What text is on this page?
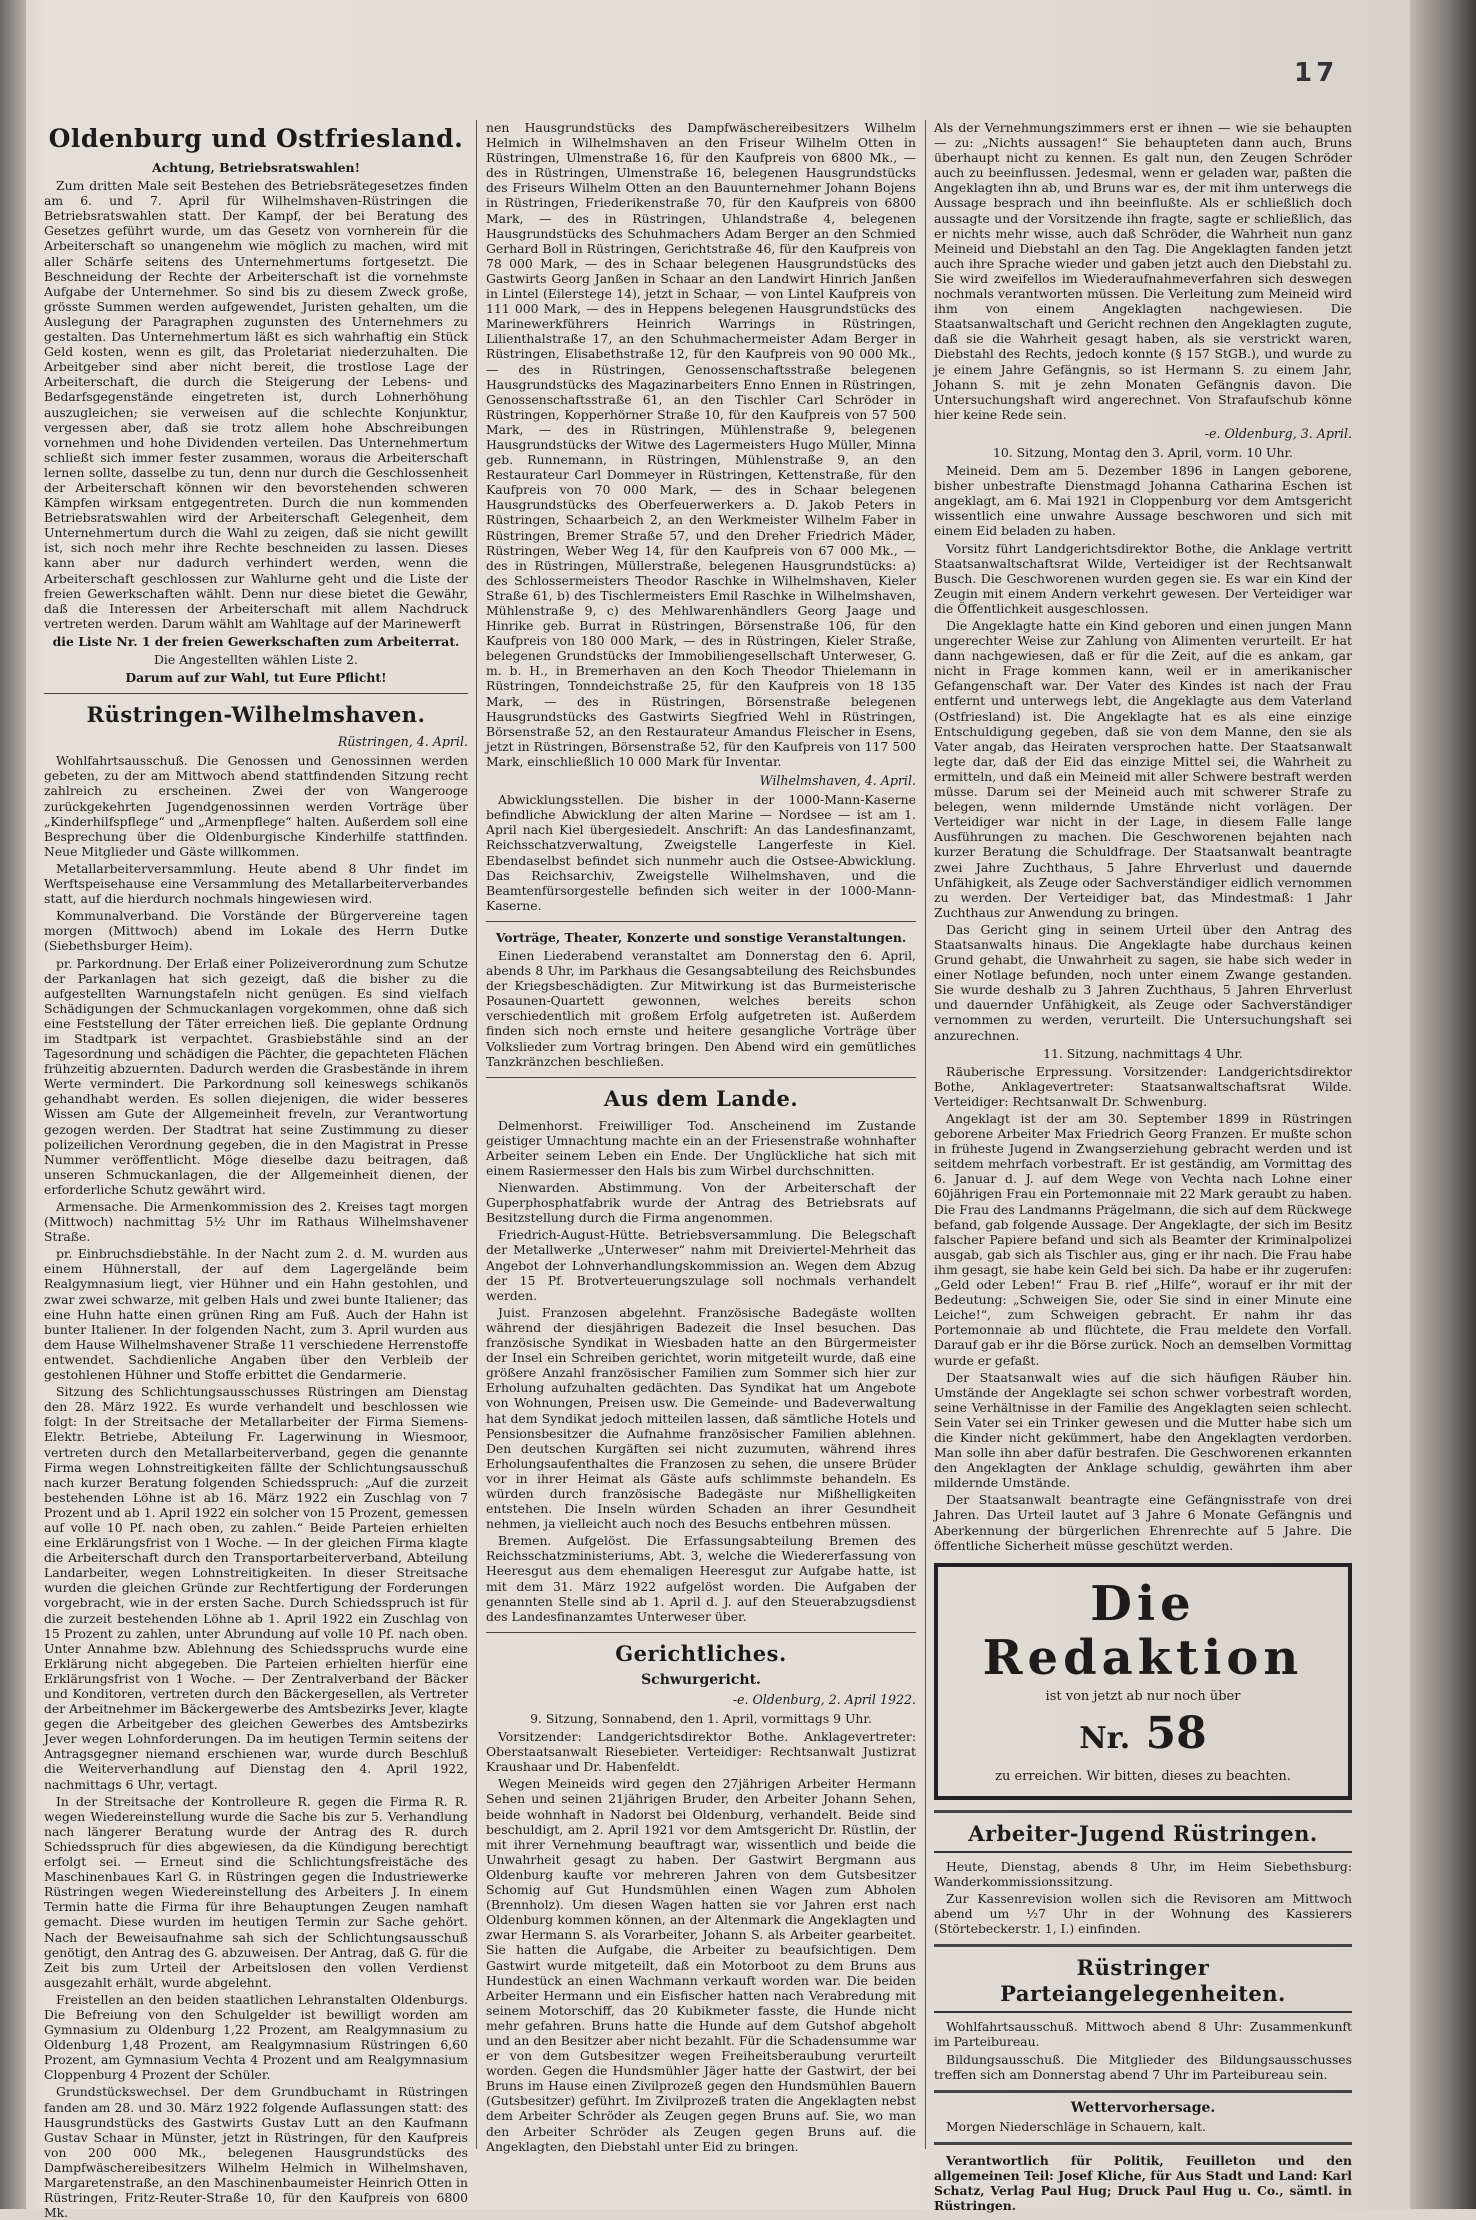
17
Oldenburg und Ostfriesland.

Achtung, Betriebsratswahlen!

Zum dritten Male seit Bestehen des Betriebsrätegesetzes finden am 6. und 7. April für Wilhelmshaven-Rüstringen die Betriebsratswahlen statt. Der Kampf, der bei Beratung des Gesetzes geführt wurde, um das Gesetz von vornherein für die Arbeiterschaft so unangenehm wie möglich zu machen, wird mit aller Schärfe seitens des Unternehmertums fortgesetzt. Die Beschneidung der Rechte der Arbeiterschaft ist die vornehmste Aufgabe der Unternehmer. So sind bis zu diesem Zweck große, grösste Summen werden aufgewendet, Juristen gehalten, um die Auslegung der Paragraphen zugunsten des Unternehmers zu gestalten. Das Unternehmertum läßt es sich wahrhaftig ein Stück Geld kosten, wenn es gilt, das Proletariat niederzuhalten. Die Arbeitgeber sind aber nicht bereit, die trostlose Lage der Arbeiterschaft, die durch die Steigerung der Lebens- und Bedarfsgegenstände eingetreten ist, durch Lohnerhöhung auszugleichen; sie verweisen auf die schlechte Konjunktur, vergessen aber, daß sie trotz allem hohe Abschreibungen vornehmen und hohe Dividenden verteilen. Das Unternehmertum schließt sich immer fester zusammen, woraus die Arbeiterschaft lernen sollte, dasselbe zu tun, denn nur durch die Geschlossenheit der Arbeiterschaft können wir den bevorstehenden schweren Kämpfen wirksam entgegentreten. Durch die nun kommenden Betriebsratswahlen wird der Arbeiterschaft Gelegenheit, dem Unternehmertum durch die Wahl zu zeigen, daß sie nicht gewillt ist, sich noch mehr ihre Rechte beschneiden zu lassen. Dieses kann aber nur dadurch verhindert werden, wenn die Arbeiterschaft geschlossen zur Wahlurne geht und die Liste der freien Gewerkschaften wählt. Denn nur diese bietet die Gewähr, daß die Interessen der Arbeiterschaft mit allem Nachdruck vertreten werden. Darum wählt am Wahltage auf der Marinewerft

die Liste Nr. 1 der freien Gewerkschaften zum Arbeiterrat.

Die Angestellten wählen Liste 2.

Darum auf zur Wahl, tut Eure Pflicht!

Rüstringen-Wilhelmshaven.

Rüstringen, 4. April.

Wohlfahrtsausschuß. Die Genossen und Genossinnen werden gebeten, zu der am Mittwoch abend stattfindenden Sitzung recht zahlreich zu erscheinen. Zwei der von Wangerooge zurückgekehrten Jugendgenossinnen werden Vorträge über „Kinderhilfspflege“ und „Armenpflege“ halten. Außerdem soll eine Besprechung über die Oldenburgische Kinderhilfe stattfinden. Neue Mitglieder und Gäste willkommen.

Metallarbeiterversammlung. Heute abend 8 Uhr findet im Werftspeisehause eine Versammlung des Metallarbeiterverbandes statt, auf die hierdurch nochmals hingewiesen wird.

Kommunalverband. Die Vorstände der Bürgervereine tagen morgen (Mittwoch) abend im Lokale des Herrn Dutke (Siebethsburger Heim).

pr. Parkordnung. Der Erlaß einer Polizeiverordnung zum Schutze der Parkanlagen hat sich gezeigt, daß die bisher zu die aufgestellten Warnungstafeln nicht genügen. Es sind vielfach Schädigungen der Schmuckanlagen vorgekommen, ohne daß sich eine Feststellung der Täter erreichen ließ. Die geplante Ordnung im Stadtpark ist verpachtet. Grasbiebstähle sind an der Tagesordnung und schädigen die Pächter, die gepachteten Flächen frühzeitig abzuernten. Dadurch werden die Grasbestände in ihrem Werte vermindert. Die Parkordnung soll keineswegs schikanös gehandhabt werden. Es sollen diejenigen, die wider besseres Wissen am Gute der Allgemeinheit freveln, zur Verantwortung gezogen werden. Der Stadtrat hat seine Zustimmung zu dieser polizeilichen Verordnung gegeben, die in den Magistrat in Presse Nummer veröffentlicht. Möge dieselbe dazu beitragen, daß unseren Schmuckanlagen, die der Allgemeinheit dienen, der erforderliche Schutz gewährt wird.

Armensache. Die Armenkommission des 2. Kreises tagt morgen (Mittwoch) nachmittag 5½ Uhr im Rathaus Wilhelmshavener Straße.

pr. Einbruchsdiebstähle. In der Nacht zum 2. d. M. wurden aus einem Hühnerstall, der auf dem Lagergelände beim Realgymnasium liegt, vier Hühner und ein Hahn gestohlen, und zwar zwei schwarze, mit gelben Hals und zwei bunte Italiener; das eine Huhn hatte einen grünen Ring am Fuß. Auch der Hahn ist bunter Italiener. In der folgenden Nacht, zum 3. April wurden aus dem Hause Wilhelmshavener Straße 11 verschiedene Herrenstoffe entwendet. Sachdienliche Angaben über den Verbleib der gestohlenen Hühner und Stoffe erbittet die Gendarmerie.

Sitzung des Schlichtungsausschusses Rüstringen am Dienstag den 28. März 1922. Es wurde verhandelt und beschlossen wie folgt: In der Streitsache der Metallarbeiter der Firma Siemens-Elektr. Betriebe, Abteilung Fr. Lagerwinung in Wiesmoor, vertreten durch den Metallarbeiterverband, gegen die genannte Firma wegen Lohnstreitigkeiten fällte der Schlichtungsausschuß nach kurzer Beratung folgenden Schiedsspruch: „Auf die zurzeit bestehenden Löhne ist ab 16. März 1922 ein Zuschlag von 7 Prozent und ab 1. April 1922 ein solcher von 15 Prozent, gemessen auf volle 10 Pf. nach oben, zu zahlen.“ Beide Parteien erhielten eine Erklärungsfrist von 1 Woche. — In der gleichen Firma klagte die Arbeiterschaft durch den Transportarbeiterverband, Abteilung Landarbeiter, wegen Lohnstreitigkeiten. In dieser Streitsache wurden die gleichen Gründe zur Rechtfertigung der Forderungen vorgebracht, wie in der ersten Sache. Durch Schiedsspruch ist für die zurzeit bestehenden Löhne ab 1. April 1922 ein Zuschlag von 15 Prozent zu zahlen, unter Abrundung auf volle 10 Pf. nach oben. Unter Annahme bzw. Ablehnung des Schiedsspruchs wurde eine Erklärung nicht abgegeben. Die Parteien erhielten hierfür eine Erklärungsfrist von 1 Woche. — Der Zentralverband der Bäcker und Konditoren, vertreten durch den Bäckergesellen, als Vertreter der Arbeitnehmer im Bäckergewerbe des Amtsbezirks Jever, klagte gegen die Arbeitgeber des gleichen Gewerbes des Amtsbezirks Jever wegen Lohnforderungen. Da im heutigen Termin seitens der Antragsgegner niemand erschienen war, wurde durch Beschluß die Weiterverhandlung auf Dienstag den 4. April 1922, nachmittags 6 Uhr, vertagt.

In der Streitsache der Kontrolleure R. gegen die Firma R. R. wegen Wiedereinstellung wurde die Sache bis zur 5. Verhandlung nach längerer Beratung wurde der Antrag des R. durch Schiedsspruch für dies abgewiesen, da die Kündigung berechtigt erfolgt sei. — Erneut sind die Schlichtungsfreistäche des Maschinenbaues Karl G. in Rüstringen gegen die Industriewerke Rüstringen wegen Wiedereinstellung des Arbeiters J. In einem Termin hatte die Firma für ihre Behauptungen Zeugen namhaft gemacht. Diese wurden im heutigen Termin zur Sache gehört. Nach der Beweisaufnahme sah sich der Schlichtungsausschuß genötigt, den Antrag des G. abzuweisen. Der Antrag, daß G. für die Zeit bis zum Urteil der Arbeitslosen den vollen Verdienst ausgezahlt erhält, wurde abgelehnt.

Freistellen an den beiden staatlichen Lehranstalten Oldenburgs. Die Befreiung von den Schulgelder ist bewilligt worden am Gymnasium zu Oldenburg 1,22 Prozent, am Realgymnasium zu Oldenburg 1,48 Prozent, am Realgymnasium Rüstringen 6,60 Prozent, am Gymnasium Vechta 4 Prozent und am Realgymnasium Cloppenburg 4 Prozent der Schüler.

Grundstückswechsel. Der dem Grundbuchamt in Rüstringen fanden am 28. und 30. März 1922 folgende Auflassungen statt: des Hausgrundstücks des Gastwirts Gustav Lutt an den Kaufmann Gustav Schaar in Münster, jetzt in Rüstringen, für den Kaufpreis von 200 000 Mk., belegenen Hausgrundstücks des Dampfwäschereibesitzers Wilhelm Helmich in Wilhelmshaven, Margaretenstraße, an den Maschinenbaumeister Heinrich Otten in Rüstringen, Fritz-Reuter-Straße 10, für den Kaufpreis von 6800 Mk.

nen Hausgrundstücks des Dampfwäschereibesitzers Wilhelm Helmich in Wilhelmshaven an den Friseur Wilhelm Otten in Rüstringen, Ulmenstraße 16, für den Kaufpreis von 6800 Mk., — des in Rüstringen, Ulmenstraße 16, belegenen Hausgrundstücks des Friseurs Wilhelm Otten an den Bauunternehmer Johann Bojens in Rüstringen, Friederikenstraße 70, für den Kaufpreis von 6800 Mark, — des in Rüstringen, Uhlandstraße 4, belegenen Hausgrundstücks des Schuhmachers Adam Berger an den Schmied Gerhard Boll in Rüstringen, Gerichtstraße 46, für den Kaufpreis von 78 000 Mark, — des in Schaar belegenen Hausgrundstücks des Gastwirts Georg Janßen in Schaar an den Landwirt Hinrich Janßen in Lintel (Eilerstege 14), jetzt in Schaar, — von Lintel Kaufpreis von 111 000 Mark, — des in Heppens belegenen Hausgrundstücks des Marinewerkführers Heinrich Warrings in Rüstringen, Lilienthalstraße 17, an den Schuhmachermeister Adam Berger in Rüstringen, Elisabethstraße 12, für den Kaufpreis von 90 000 Mk., — des in Rüstringen, Genossenschaftsstraße belegenen Hausgrundstücks des Magazinarbeiters Enno Ennen in Rüstringen, Genossenschaftsstraße 61, an den Tischler Carl Schröder in Rüstringen, Kopperhörner Straße 10, für den Kaufpreis von 57 500 Mark, — des in Rüstringen, Mühlenstraße 9, belegenen Hausgrundstücks der Witwe des Lagermeisters Hugo Müller, Minna geb. Runnemann, in Rüstringen, Mühlenstraße 9, an den Restaurateur Carl Dommeyer in Rüstringen, Kettenstraße, für den Kaufpreis von 70 000 Mark, — des in Schaar belegenen Hausgrundstücks des Oberfeuerwerkers a. D. Jakob Peters in Rüstringen, Schaarbeich 2, an den Werkmeister Wilhelm Faber in Rüstringen, Bremer Straße 57, und den Dreher Friedrich Mäder, Rüstringen, Weber Weg 14, für den Kaufpreis von 67 000 Mk., — des in Rüstringen, Müllerstraße, belegenen Hausgrundstücks: a) des Schlossermeisters Theodor Raschke in Wilhelmshaven, Kieler Straße 61, b) des Tischlermeisters Emil Raschke in Wilhelmshaven, Mühlenstraße 9, c) des Mehlwarenhändlers Georg Jaage und Hinrike geb. Burrat in Rüstringen, Börsenstraße 106, für den Kaufpreis von 180 000 Mark, — des in Rüstringen, Kieler Straße, belegenen Grundstücks der Immobiliengesellschaft Unterweser, G. m. b. H., in Bremerhaven an den Koch Theodor Thielemann in Rüstringen, Tonndeichstraße 25, für den Kaufpreis von 18 135 Mark, — des in Rüstringen, Börsenstraße belegenen Hausgrundstücks des Gastwirts Siegfried Wehl in Rüstringen, Börsenstraße 52, an den Restaurateur Amandus Fleischer in Esens, jetzt in Rüstringen, Börsenstraße 52, für den Kaufpreis von 117 500 Mark, einschließlich 10 000 Mark für Inventar.

Wilhelmshaven, 4. April.

Abwicklungsstellen. Die bisher in der 1000-Mann-Kaserne befindliche Abwicklung der alten Marine — Nordsee — ist am 1. April nach Kiel übergesiedelt. Anschrift: An das Landesfinanzamt, Reichsschatzverwaltung, Zweigstelle Langerfeste in Kiel. Ebendaselbst befindet sich nunmehr auch die Ostsee-Abwicklung. Das Reichsarchiv, Zweigstelle Wilhelmshaven, und die Beamtenfürsorgestelle befinden sich weiter in der 1000-Mann-Kaserne.

Vorträge, Theater, Konzerte und sonstige Veranstaltungen.

Einen Liederabend veranstaltet am Donnerstag den 6. April, abends 8 Uhr, im Parkhaus die Gesangsabteilung des Reichsbundes der Kriegsbeschädigten. Zur Mitwirkung ist das Burmeisterische Posaunen-Quartett gewonnen, welches bereits schon verschiedentlich mit großem Erfolg aufgetreten ist. Außerdem finden sich noch ernste und heitere gesangliche Vorträge über Volkslieder zum Vortrag bringen. Den Abend wird ein gemütliches Tanzkränzchen beschließen.

Aus dem Lande.

Delmenhorst. Freiwilliger Tod. Anscheinend im Zustande geistiger Umnachtung machte ein an der Friesenstraße wohnhafter Arbeiter seinem Leben ein Ende. Der Unglückliche hat sich mit einem Rasiermesser den Hals bis zum Wirbel durchschnitten.

Nienwarden. Abstimmung. Von der Arbeiterschaft der Guperphosphatfabrik wurde der Antrag des Betriebsrats auf Besitzstellung durch die Firma angenommen.

Friedrich-August-Hütte. Betriebsversammlung. Die Belegschaft der Metallwerke „Unterweser“ nahm mit Dreiviertel-Mehrheit das Angebot der Lohnverhandlungskommission an. Wegen dem Abzug der 15 Pf. Brotverteuerungszulage soll nochmals verhandelt werden.

Juist. Franzosen abgelehnt. Französische Badegäste wollten während der diesjährigen Badezeit die Insel besuchen. Das französische Syndikat in Wiesbaden hatte an den Bürgermeister der Insel ein Schreiben gerichtet, worin mitgeteilt wurde, daß eine größere Anzahl französischer Familien zum Sommer sich hier zur Erholung aufzuhalten gedächten. Das Syndikat hat um Angebote von Wohnungen, Preisen usw. Die Gemeinde- und Badeverwaltung hat dem Syndikat jedoch mitteilen lassen, daß sämtliche Hotels und Pensionsbesitzer die Aufnahme französischer Familien ablehnen. Den deutschen Kurgäften sei nicht zuzumuten, während ihres Erholungsaufenthaltes die Franzosen zu sehen, die unsere Brüder vor in ihrer Heimat als Gäste aufs schlimmste behandeln. Es würden durch französische Badegäste nur Mißhelligkeiten entstehen. Die Inseln würden Schaden an ihrer Gesundheit nehmen, ja vielleicht auch noch des Besuchs entbehren müssen.

Bremen. Aufgelöst. Die Erfassungsabteilung Bremen des Reichsschatzministeriums, Abt. 3, welche die Wiedererfassung von Heeresgut aus dem ehemaligen Heeresgut zur Aufgabe hatte, ist mit dem 31. März 1922 aufgelöst worden. Die Aufgaben der genannten Stelle sind ab 1. April d. J. auf den Steuerabzugsdienst des Landesfinanzamtes Unterweser über.

Gerichtliches.

Schwurgericht.

-e. Oldenburg, 2. April 1922.

9. Sitzung, Sonnabend, den 1. April, vormittags 9 Uhr.

Vorsitzender: Landgerichtsdirektor Bothe. Anklagevertreter: Oberstaatsanwalt Riesebieter. Verteidiger: Rechtsanwalt Justizrat Kraushaar und Dr. Habenfeldt.

Wegen Meineids wird gegen den 27jährigen Arbeiter Hermann Sehen und seinen 21jährigen Bruder, den Arbeiter Johann Sehen, beide wohnhaft in Nadorst bei Oldenburg, verhandelt. Beide sind beschuldigt, am 2. April 1921 vor dem Amtsgericht Dr. Rüstlin, der mit ihrer Vernehmung beauftragt war, wissentlich und beide die Unwahrheit gesagt zu haben. Der Gastwirt Bergmann aus Oldenburg kaufte vor mehreren Jahren von dem Gutsbesitzer Schomig auf Gut Hundsmühlen einen Wagen zum Abholen (Brennholz). Um diesen Wagen hatten sie vor Jahren erst nach Oldenburg kommen können, an der Altenmark die Angeklagten und zwar Hermann S. als Vorarbeiter, Johann S. als Arbeiter gearbeitet. Sie hatten die Aufgabe, die Arbeiter zu beaufsichtigen. Dem Gastwirt wurde mitgeteilt, daß ein Motorboot zu dem Bruns aus Hundestück an einen Wachmann verkauft worden war. Die beiden Arbeiter Hermann und ein Eisfischer hatten nach Verabredung mit seinem Motorschiff, das 20 Kubikmeter fasste, die Hunde nicht mehr gefahren. Bruns hatte die Hunde auf dem Gutshof abgeholt und an den Besitzer aber nicht bezahlt. Für die Schadensumme war er von dem Gutsbesitzer wegen Freiheitsberaubung verurteilt worden. Gegen die Hundsmühler Jäger hatte der Gastwirt, der bei Bruns im Hause einen Zivilprozeß gegen den Hundsmühlen Bauern (Gutsbesitzer) geführt. Im Zivilprozeß traten die Angeklagten nebst dem Arbeiter Schröder als Zeugen gegen Bruns auf. Sie, wo man den Arbeiter Schröder als Zeugen gegen Bruns auf. die Angeklagten, den Diebstahl unter Eid zu bringen.

Als der Vernehmungszimmers erst er ihnen — wie sie behaupten — zu: „Nichts aussagen!“ Sie behaupteten dann auch, Bruns überhaupt nicht zu kennen. Es galt nun, den Zeugen Schröder auch zu beeinflussen. Jedesmal, wenn er geladen war, paßten die Angeklagten ihn ab, und Bruns war es, der mit ihm unterwegs die Aussage besprach und ihn beeinflußte. Als er schließlich doch aussagte und der Vorsitzende ihn fragte, sagte er schließlich, das er nichts mehr wisse, auch daß Schröder, die Wahrheit nun ganz Meineid und Diebstahl an den Tag. Die Angeklagten fanden jetzt auch ihre Sprache wieder und gaben jetzt auch den Diebstahl zu. Sie wird zweifellos im Wiederaufnahmeverfahren sich deswegen nochmals verantworten müssen. Die Verleitung zum Meineid wird ihm von einem Angeklagten nachgewiesen. Die Staatsanwaltschaft und Gericht rechnen den Angeklagten zugute, daß sie die Wahrheit gesagt haben, als sie verstrickt waren, Diebstahl des Rechts, jedoch konnte (§ 157 StGB.), und wurde zu je einem Jahre Gefängnis, so ist Hermann S. zu einem Jahr, Johann S. mit je zehn Monaten Gefängnis davon. Die Untersuchungshaft wird angerechnet. Von Strafaufschub könne hier keine Rede sein.

-e. Oldenburg, 3. April.

10. Sitzung, Montag den 3. April, vorm. 10 Uhr.

Meineid. Dem am 5. Dezember 1896 in Langen geborene, bisher unbestrafte Dienstmagd Johanna Catharina Eschen ist angeklagt, am 6. Mai 1921 in Cloppenburg vor dem Amtsgericht wissentlich eine unwahre Aussage beschworen und sich mit einem Eid beladen zu haben.

Vorsitz führt Landgerichtsdirektor Bothe, die Anklage vertritt Staatsanwaltschaftsrat Wilde, Verteidiger ist der Rechtsanwalt Busch. Die Geschworenen wurden gegen sie. Es war ein Kind der Zeugin mit einem Andern verkehrt gewesen. Der Verteidiger war die Öffentlichkeit ausgeschlossen.

Die Angeklagte hatte ein Kind geboren und einen jungen Mann ungerechter Weise zur Zahlung von Alimenten verurteilt. Er hat dann nachgewiesen, daß er für die Zeit, auf die es ankam, gar nicht in Frage kommen kann, weil er in amerikanischer Gefangenschaft war. Der Vater des Kindes ist nach der Frau entfernt und unterwegs lebt, die Angeklagte aus dem Vaterland (Ostfriesland) ist. Die Angeklagte hat es als eine einzige Entschuldigung gegeben, daß sie von dem Manne, den sie als Vater angab, das Heiraten versprochen hatte. Der Staatsanwalt legte dar, daß der Eid das einzige Mittel sei, die Wahrheit zu ermitteln, und daß ein Meineid mit aller Schwere bestraft werden müsse. Darum sei der Meineid auch mit schwerer Strafe zu belegen, wenn mildernde Umstände nicht vorlägen. Der Verteidiger war nicht in der Lage, in diesem Falle lange Ausführungen zu machen. Die Geschworenen bejahten nach kurzer Beratung die Schuldfrage. Der Staatsanwalt beantragte zwei Jahre Zuchthaus, 5 Jahre Ehrverlust und dauernde Unfähigkeit, als Zeuge oder Sachverständiger eidlich vernommen zu werden. Der Verteidiger bat, das Mindestmaß: 1 Jahr Zuchthaus zur Anwendung zu bringen.

Das Gericht ging in seinem Urteil über den Antrag des Staatsanwalts hinaus. Die Angeklagte habe durchaus keinen Grund gehabt, die Unwahrheit zu sagen, sie habe sich weder in einer Notlage befunden, noch unter einem Zwange gestanden. Sie wurde deshalb zu 3 Jahren Zuchthaus, 5 Jahren Ehrverlust und dauernder Unfähigkeit, als Zeuge oder Sachverständiger vernommen zu werden, verurteilt. Die Untersuchungshaft sei anzurechnen.

11. Sitzung, nachmittags 4 Uhr.

Räuberische Erpressung. Vorsitzender: Landgerichtsdirektor Bothe, Anklagevertreter: Staatsanwaltschaftsrat Wilde. Verteidiger: Rechtsanwalt Dr. Schwenburg.

Angeklagt ist der am 30. September 1899 in Rüstringen geborene Arbeiter Max Friedrich Georg Franzen. Er mußte schon in früheste Jugend in Zwangserziehung gebracht werden und ist seitdem mehrfach vorbestraft. Er ist geständig, am Vormittag des 6. Januar d. J. auf dem Wege von Vechta nach Lohne einer 60jährigen Frau ein Portemonnaie mit 22 Mark geraubt zu haben. Die Frau des Landmanns Prägelmann, die sich auf dem Rückwege befand, gab folgende Aussage. Der Angeklagte, der sich im Besitz falscher Papiere befand und sich als Beamter der Kriminalpolizei ausgab, gab sich als Tischler aus, ging er ihr nach. Die Frau habe ihm gesagt, sie habe kein Geld bei sich. Da habe er ihr zugerufen: „Geld oder Leben!“ Frau B. rief „Hilfe“, worauf er ihr mit der Bedeutung: „Schweigen Sie, oder Sie sind in einer Minute eine Leiche!“, zum Schweigen gebracht. Er nahm ihr das Portemonnaie ab und flüchtete, die Frau meldete den Vorfall. Darauf gab er ihr die Börse zurück. Noch an demselben Vormittag wurde er gefaßt.

Der Staatsanwalt wies auf die sich häufigen Räuber hin. Umstände der Angeklagte sei schon schwer vorbestraft worden, seine Verhältnisse in der Familie des Angeklagten seien schlecht. Sein Vater sei ein Trinker gewesen und die Mutter habe sich um die Kinder nicht gekümmert, habe den Angeklagten verdorben. Man solle ihn aber dafür bestrafen. Die Geschworenen erkannten den Angeklagten der Anklage schuldig, gewährten ihm aber mildernde Umstände.

Der Staatsanwalt beantragte eine Gefängnisstrafe von drei Jahren. Das Urteil lautet auf 3 Jahre 6 Monate Gefängnis und Aberkennung der bürgerlichen Ehrenrechte auf 5 Jahre. Die öffentliche Sicherheit müsse geschützt werden.

Die Redaktion
ist von jetzt ab nur noch über
Nr. 58
zu erreichen. Wir bitten, dieses zu beachten.
Arbeiter-Jugend Rüstringen.

Heute, Dienstag, abends 8 Uhr, im Heim Siebethsburg: Wanderkommissionssitzung.

Zur Kassenrevision wollen sich die Revisoren am Mittwoch abend um ½7 Uhr in der Wohnung des Kassierers (Störtebeckerstr. 1, I.) einfinden.

Rüstringer Parteiangelegenheiten.

Wohlfahrtsausschuß. Mittwoch abend 8 Uhr: Zusammenkunft im Parteibureau.

Bildungsausschuß. Die Mitglieder des Bildungsausschusses treffen sich am Donnerstag abend 7 Uhr im Parteibureau sein.

Wettervorhersage.

Morgen Niederschläge in Schauern, kalt.

Verantwortlich für Politik, Feuilleton und den allgemeinen Teil: Josef Kliche, für Aus Stadt und Land: Karl Schatz, Verlag Paul Hug; Druck Paul Hug u. Co., sämtl. in Rüstringen.
